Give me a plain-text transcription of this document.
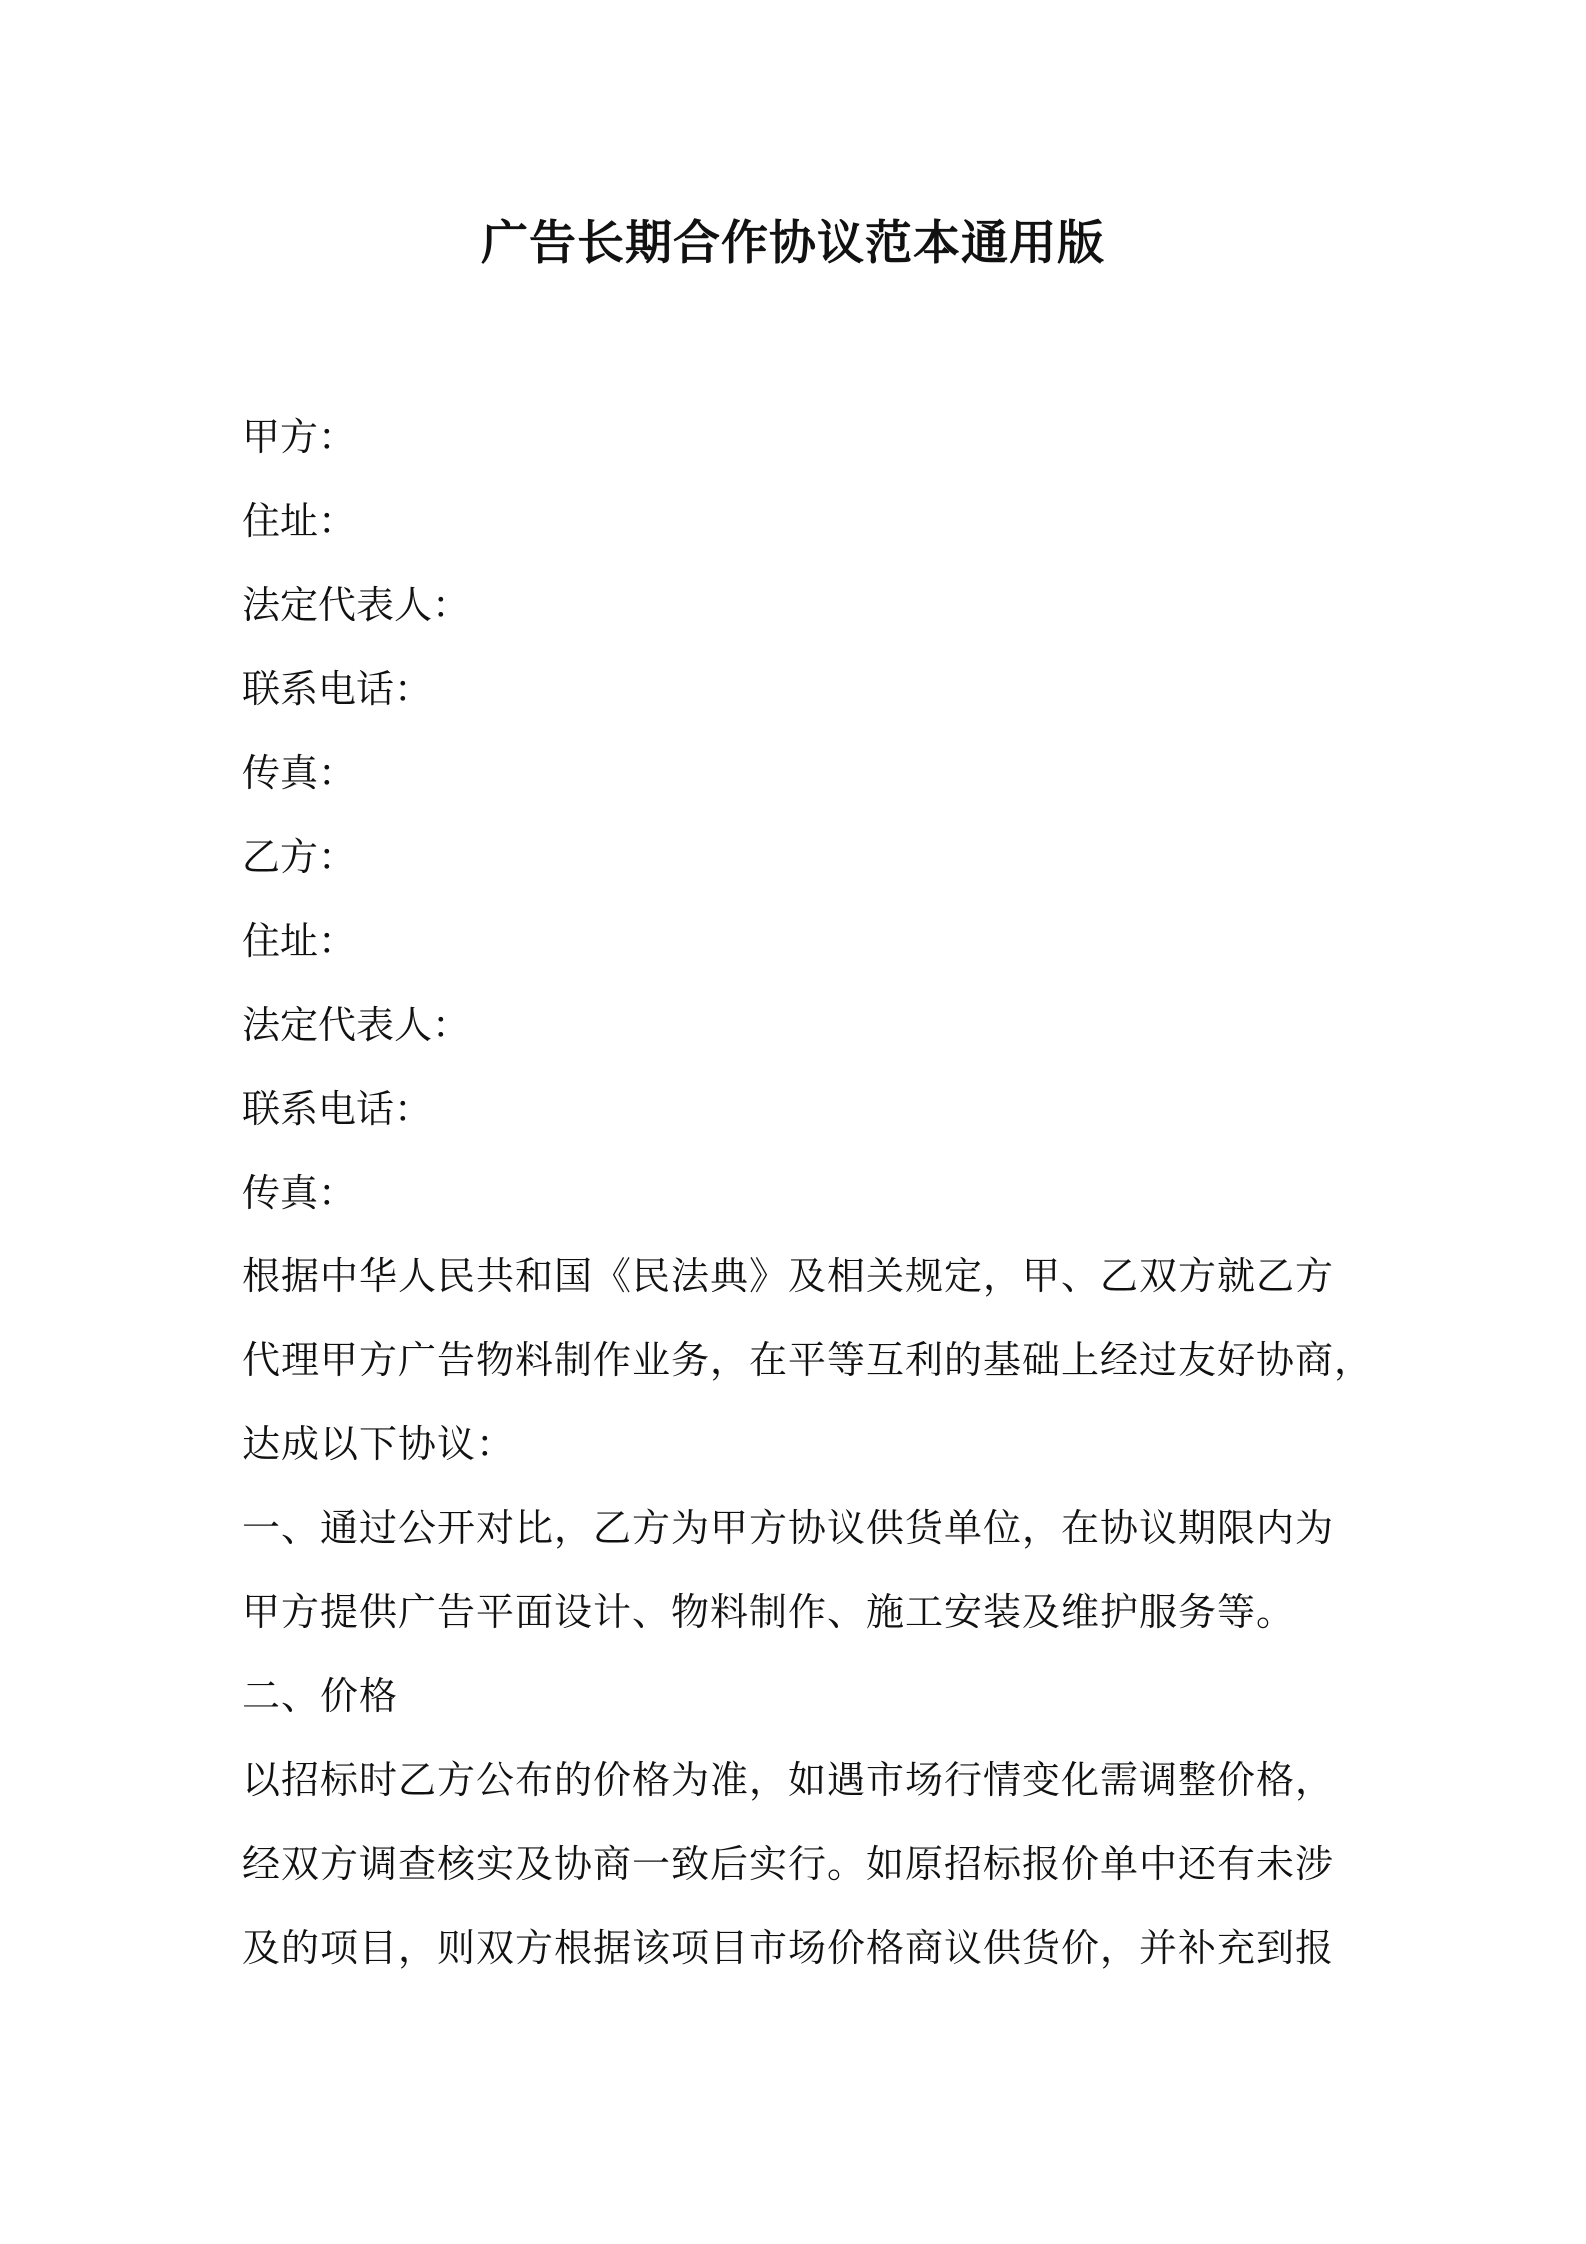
广告长期合作协议范本通用版
甲方：
住址：
法定代表人：
联系电话：
传真：
乙方：
住址：
法定代表人：
联系电话：
传真：
根据中华人民共和国《民法典》及相关规定，甲、乙双方就乙方
代理甲方广告物料制作业务，在平等互利的基础上经过友好协商，
达成以下协议：
一、通过公开对比，乙方为甲方协议供货单位，在协议期限内为
甲方提供广告平面设计、物料制作、施工安装及维护服务等。
二、价格
以招标时乙方公布的价格为准，如遇市场行情变化需调整价格，
经双方调查核实及协商一致后实行。如原招标报价单中还有未涉
及的项目，则双方根据该项目市场价格商议供货价，并补充到报
